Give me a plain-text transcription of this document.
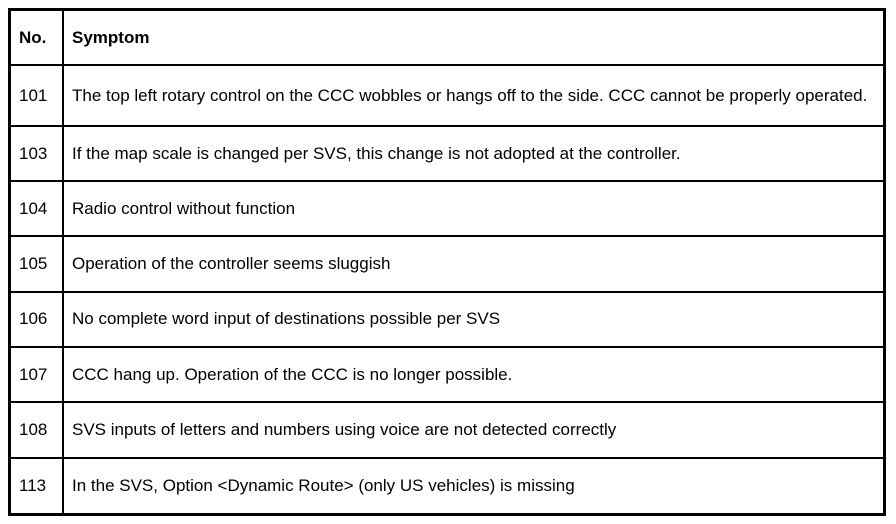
No.	Symptom
101	The top left rotary control on the CCC wobbles or hangs off to the side. CCC cannot be properly operated.
103	If the map scale is changed per SVS, this change is not adopted at the controller.
104	Radio control without function
105	Operation of the controller seems sluggish
106	No complete word input of destinations possible per SVS
107	CCC hang up. Operation of the CCC is no longer possible.
108	SVS inputs of letters and numbers using voice are not detected correctly
113	In the SVS, Option <Dynamic Route> (only US vehicles) is missing
